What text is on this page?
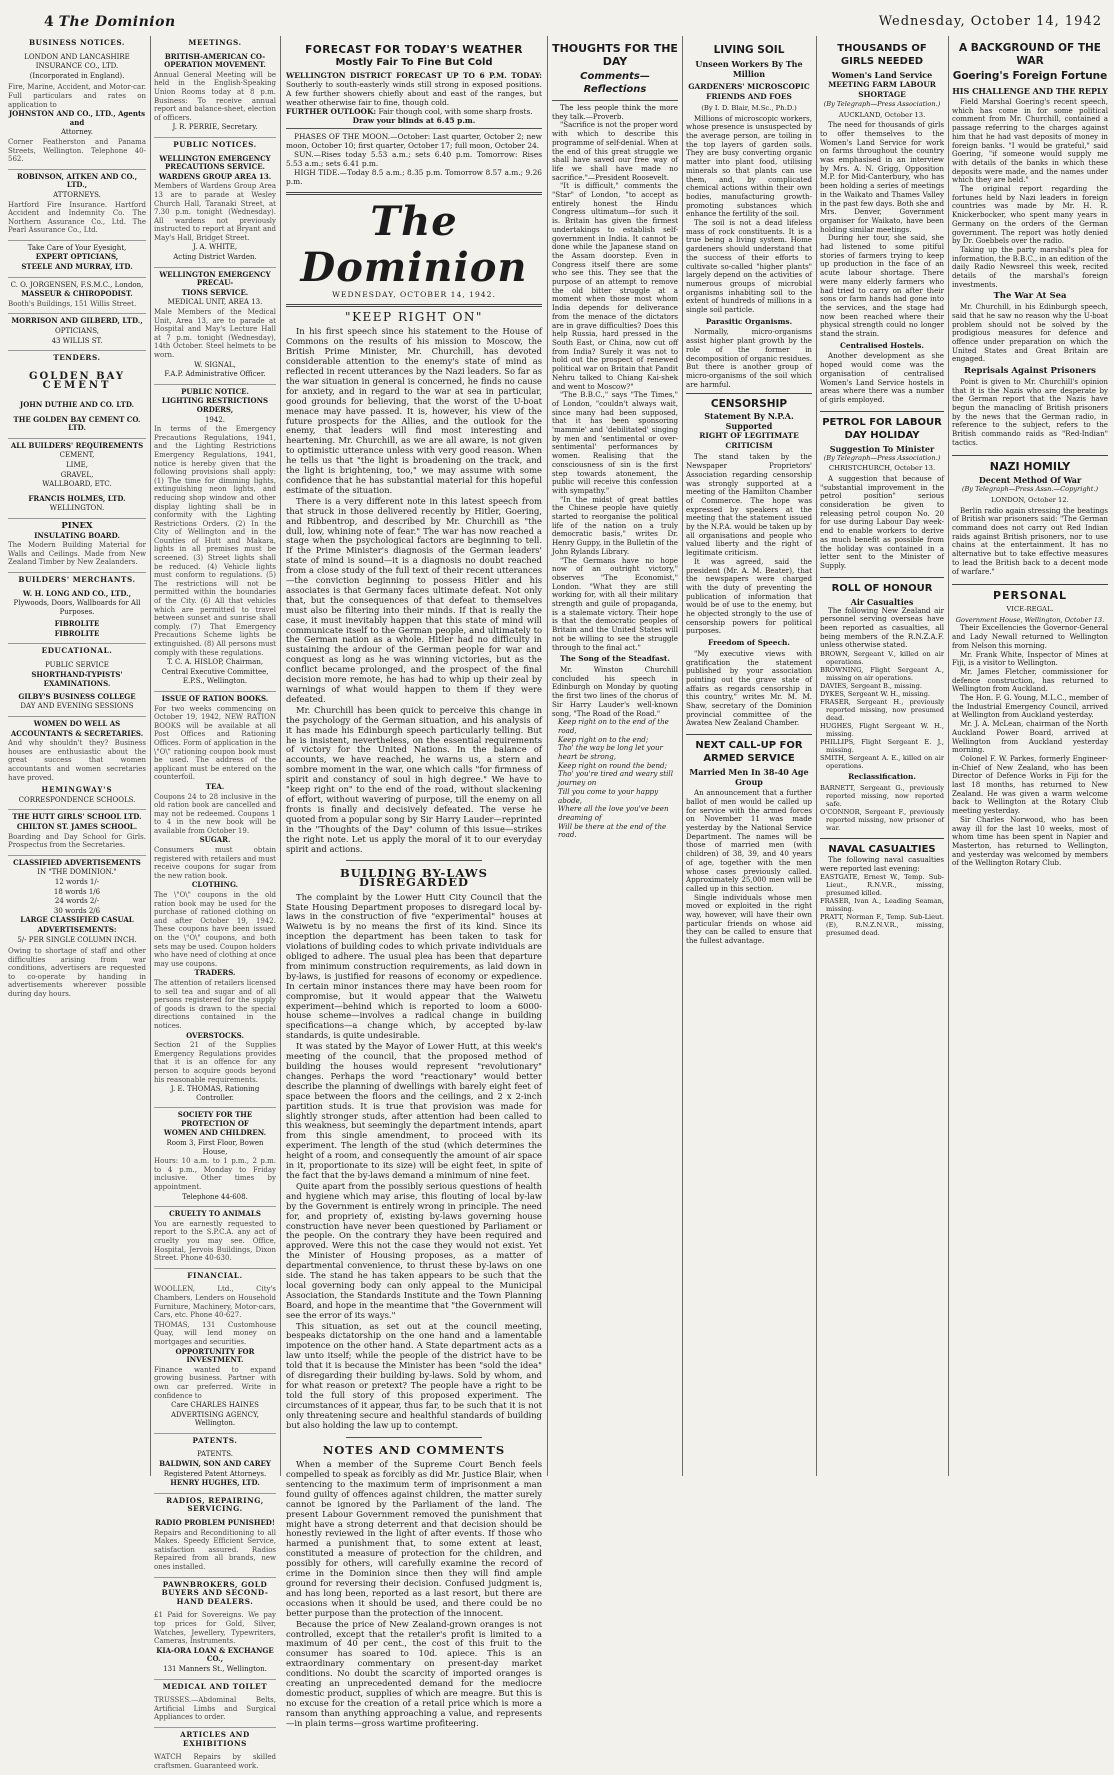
4 The Dominion	Wednesday, October 14, 1942
BUSINESS NOTICES.

LONDON AND LANCASHIRE

INSURANCE CO., LTD.

(Incorporated in England).

Fire, Marine, Accident, and Motor-car. Full particulars and rates on application to

JOHNSTON AND CO., LTD., Agents and

Attorney.

Corner Featherston and Panama Streets, Wellington. Telephone 40-562.

ROBINSON, AITKEN AND CO., LTD.,

ATTORNEYS.

Hartford Fire Insurance. Hartford Accident and Indemnity Co. The Northern Assurance Co., Ltd. The Pearl Assurance Co., Ltd.

Take Care of Your Eyesight,

EXPERT OPTICIANS,

STEELE AND MURRAY, LTD.

C. O. JORGENSEN, F.S.M.C., London,

MASSEUR & CHIROPODIST.

Booth's Buildings, 151 Willis Street.

MORRISON AND GILBERD, LTD.,

OPTICIANS,

43 WILLIS ST.

TENDERS.

GOLDEN BAY

CEMENT

JOHN DUTHIE AND CO. LTD.

THE GOLDEN BAY CEMENT CO. LTD.

ALL BUILDERS' REQUIREMENTS

CEMENT,

LIME,

GRAVEL,

WALLBOARD, ETC.

FRANCIS HOLMES, LTD.

WELLINGTON.

PINEX

INSULATING BOARD.

The Modern Building Material for Walls and Ceilings. Made from New Zealand Timber by New Zealanders.

BUILDERS' MERCHANTS.

W. H. LONG AND CO., LTD.,

Plywoods, Doors, Wallboards for All Purposes.

FIBROLITE

FIBROLITE

EDUCATIONAL.

PUBLIC SERVICE

SHORTHAND-TYPISTS'

EXAMINATIONS.

GILBY'S BUSINESS COLLEGE

DAY AND EVENING SESSIONS

WOMEN DO WELL AS

ACCOUNTANTS & SECRETARIES.

And why shouldn't they? Business houses are enthusiastic about the great success that women accountants and women secretaries have proved.

HEMINGWAY'S

CORRESPONDENCE SCHOOLS.

THE HUTT GIRLS' SCHOOL LTD.

CHILTON ST. JAMES SCHOOL.

Boarding and Day School for Girls. Prospectus from the Secretaries.

CLASSIFIED ADVERTISEMENTS

IN "THE DOMINION."

12 words 1/-

18 words 1/6

24 words 2/-

30 words 2/6

LARGE CLASSIFIED CASUAL

ADVERTISEMENTS:

5/- PER SINGLE COLUMN INCH.

Owing to shortage of staff and other difficulties arising from war conditions, advertisers are requested to co-operate by handing in advertisements wherever possible during day hours.

MEETINGS.

BRITISH-AMERICAN CO-OPERATION MOVEMENT.

Annual General Meeting will be held in the English-Speaking Union Rooms today at 8 p.m. Business: To receive annual report and balance-sheet, election of officers.

J. R. PERRIE, Secretary.

PUBLIC NOTICES.

WELLINGTON EMERGENCY PRECAUTIONS SERVICE.

WARDENS GROUP AREA 13.

Members of Wardens Group Area 13 are to parade at Wesley Church Hall, Taranaki Street, at 7.30 p.m. tonight (Wednesday). All wardens not previously instructed to report at Bryant and May's Hall, Bridget Street.

J. A. WHITE,

Acting District Warden.

WELLINGTON EMERGENCY PRECAU-

TIONS SERVICE.

MEDICAL UNIT, AREA 13.

Male Members of the Medical Unit, Area 13, are to parade at Hospital and May's Lecture Hall at 7 p.m. tonight (Wednesday), 14th October. Steel helmets to be worn.

W. SIGNAL,

F.A.P. Administrative Officer.

PUBLIC NOTICE.

LIGHTING RESTRICTIONS ORDERS,

1942.

In terms of the Emergency Precautions Regulations, 1941, and the Lighting Restrictions Emergency Regulations, 1941, notice is hereby given that the following provisions shall apply: (1) The time for dimming lights, extinguishing neon lights, and reducing shop window and other display lighting shall be in conformity with the Lighting Restrictions Orders. (2) In the City of Wellington and in the Counties of Hutt and Makara, lights in all premises must be screened. (3) Street lights shall be reduced. (4) Vehicle lights must conform to regulations. (5) The restrictions will not be permitted within the boundaries of the City. (6) All that vehicles which are permitted to travel between sunset and sunrise shall comply. (7) That Emergency Precautions Scheme lights be extinguished. (8) All persons must comply with these regulations.

T. C. A. HISLOP, Chairman,

Central Executive Committee,

E.P.S., Wellington.

ISSUE OF RATION BOOKS.

For two weeks commencing on October 19, 1942, NEW RATION BOOKS will be available at all Post Offices and Rationing Offices. Form of application in the \"O\" rationing coupon book must be used. The address of the applicant must be entered on the counterfoil.

TEA.

Coupons 24 to 28 inclusive in the old ration book are cancelled and may not be redeemed. Coupons 1 to 4 in the new book will be available from October 19.

SUGAR.

Consumers must obtain registered with retailers and must receive coupons for sugar from the new ration book.

CLOTHING.

The \"O\" coupons in the old ration book may be used for the purchase of rationed clothing on and after October 19, 1942. These coupons have been issued on the \"O\" coupons, and both sets may be used. Coupon holders who have need of clothing at once may use coupons.

TRADERS.

The attention of retailers licensed to sell tea and sugar and of all persons registered for the supply of goods is drawn to the special directions contained in the notices.

OVERSTOCKS.

Section 21 of the Supplies Emergency Regulations provides that it is an offence for any person to acquire goods beyond his reasonable requirements.

J. E. THOMAS, Rationing Controller.

SOCIETY FOR THE PROTECTION OF

WOMEN AND CHILDREN.

Room 3, First Floor, Bowen House,

Hours: 10 a.m. to 1 p.m., 2 p.m. to 4 p.m., Monday to Friday inclusive. Other times by appointment.

Telephone 44-608.

CRUELTY TO ANIMALS

You are earnestly requested to report to the S.P.C.A. any act of cruelty you may see. Office, Hospital, Jervois Buildings, Dixon Street. Phone 40-630.

FINANCIAL.

WOOLLEN, Ltd., City's Chambers, Lenders on Household Furniture, Machinery, Motor-cars, Cars, etc. Phone 40-627.

THOMAS, 131 Customhouse Quay, will lend money on mortgages and securities.

OPPORTUNITY FOR INVESTMENT.

Finance wanted to expand growing business. Partner with own car preferred. Write in confidence to

Care CHARLES HAINES

ADVERTISING AGENCY, Wellington.

PATENTS.

PATENTS.

BALDWIN, SON AND CAREY

Registered Patent Attorneys.

HENRY HUGHES, LTD.

RADIOS, REPAIRING, SERVICING.

RADIO PROBLEM PUNISHED!

Repairs and Reconditioning to all Makes. Speedy Efficient Service, satisfaction assured. Radios Repaired from all brands, new ones installed.

PAWNBROKERS, GOLD BUYERS AND SECOND-HAND DEALERS.

£1 Paid for Sovereigns. We pay top prices for Gold, Silver, Watches, Jewellery, Typewriters, Cameras, Instruments.

KIA-ORA LOAN & EXCHANGE CO.,

131 Manners St., Wellington.

MEDICAL AND TOILET

TRUSSES.—Abdominal Belts, Artificial Limbs and Surgical Appliances to order.

ARTICLES AND EXHIBITIONS

WATCH Repairs by skilled craftsmen. Guaranteed work.

FORECAST FOR TODAY'S WEATHER
Mostly Fair To Fine But Cold

WELLINGTON DISTRICT FORECAST UP TO 6 P.M. TODAY: Southerly to south-easterly winds still strong in exposed positions. A few further showers chiefly about and east of the ranges, but weather otherwise fair to fine, though cold.

FURTHER OUTLOOK: Fair though cool, with some sharp frosts.

Draw your blinds at 6.45 p.m.

PHASES OF THE MOON.—October: Last quarter, October 2; new moon, October 10; first quarter, October 17; full moon, October 24.

SUN.—Rises today 5.53 a.m.; sets 6.40 p.m. Tomorrow: Rises 5.53 a.m.; sets 6.41 p.m.

HIGH TIDE.—Today 8.5 a.m.; 8.35 p.m. Tomorrow 8.57 a.m.; 9.26 p.m.

The Dominion
WEDNESDAY, OCTOBER 14, 1942.
"KEEP RIGHT ON"

In his first speech since his statement to the House of Commons on the results of his mission to Moscow, the British Prime Minister, Mr. Churchill, has devoted considerable attention to the enemy's state of mind as reflected in recent utterances by the Nazi leaders. So far as the war situation in general is concerned, he finds no cause for anxiety, and in regard to the war at sea in particular, good grounds for believing, that the worst of the U-boat menace may have passed. It is, however, his view of the future prospects for the Allies, and the outlook for the enemy, that leaders will find most interesting and heartening. Mr. Churchill, as we are all aware, is not given to optimistic utterance unless with very good reason. When he tells us that "the light is broadening on the track, and the light is brightening, too," we may assume with some confidence that he has substantial material for this hopeful estimate of the situation.

There is a very different note in this latest speech from that struck in those delivered recently by Hitler, Goering, and Ribbentrop, and described by Mr. Churchill as "the dull, low, whining note of fear." The war has now reached a stage when the psychological factors are beginning to tell. If the Prime Minister's diagnosis of the German leaders' state of mind is sound—it is a diagnosis no doubt reached from a close study of the full text of their recent utterances—the conviction beginning to possess Hitler and his associates is that Germany faces ultimate defeat. Not only that, but the consequences of that defeat to themselves must also be filtering into their minds. If that is really the case, it must inevitably happen that this state of mind will communicate itself to the German people, and ultimately to the German nation as a whole. Hitler had no difficulty in sustaining the ardour of the German people for war and conquest as long as he was winning victories, but as the conflict became prolonged, and the prospect of the final decision more remote, he has had to whip up their zeal by warnings of what would happen to them if they were defeated.

Mr. Churchill has been quick to perceive this change in the psychology of the German situation, and his analysis of it has made his Edinburgh speech particularly telling. But he is insistent, nevertheless, on the essential requirements of victory for the United Nations. In the balance of accounts, we have reached, he warns us, a stern and sombre moment in the war, one which calls "for firmness of spirit and constancy of soul in high degree." We have to "keep right on" to the end of the road, without slackening of effort, without wavering of purpose, till the enemy on all fronts is finally and decisively defeated. The verse he quoted from a popular song by Sir Harry Lauder—reprinted in the "Thoughts of the Day" column of this issue—strikes the right note. Let us apply the moral of it to our everyday spirit and actions.

BUILDING BY-LAWS DISREGARDED

The complaint by the Lower Hutt City Council that the State Housing Department proposes to disregard local by-laws in the construction of five "experimental" houses at Waiwetu is by no means the first of its kind. Since its inception the department has been taken to task for violations of building codes to which private individuals are obliged to adhere. The usual plea has been that departure from minimum construction requirements, as laid down in by-laws, is justified for reasons of economy or expedience. In certain minor instances there may have been room for compromise, but it would appear that the Waiwetu experiment—behind which is reported to loom a 6000-house scheme—involves a radical change in building specifications—a change which, by accepted by-law standards, is quite undesirable.

It was stated by the Mayor of Lower Hutt, at this week's meeting of the council, that the proposed method of building the houses would represent "revolutionary" changes. Perhaps the word "reactionary" would better describe the planning of dwellings with barely eight feet of space between the floors and the ceilings, and 2 x 2-inch partition studs. It is true that provision was made for slightly stronger studs, after attention had been called to this weakness, but seemingly the department intends, apart from this single amendment, to proceed with its experiment. The length of the stud (which determines the height of a room, and consequently the amount of air space in it, proportionate to its size) will be eight feet, in spite of the fact that the by-laws demand a minimum of nine feet.

Quite apart from the possibly serious questions of health and hygiene which may arise, this flouting of local by-law by the Government is entirely wrong in principle. The need for, and propriety of, existing by-laws governing house construction have never been questioned by Parliament or the people. On the contrary they have been required and approved. Were this not the case they would not exist. Yet the Minister of Housing proposes, as a matter of departmental convenience, to thrust these by-laws on one side. The stand he has taken appears to be such that the local governing body can only appeal to the Municipal Association, the Standards Institute and the Town Planning Board, and hope in the meantime that "the Government will see the error of its ways."

This situation, as set out at the council meeting, bespeaks dictatorship on the one hand and a lamentable impotence on the other hand. A State department acts as a law unto itself; while the people of the district have to be told that it is because the Minister has been "sold the idea" of disregarding their building by-laws. Sold by whom, and for what reason or pretext? The people have a right to be told the full story of this proposed experiment. The circumstances of it appear, thus far, to be such that it is not only threatening secure and healthful standards of building but also holding the law up to contempt.

NOTES AND COMMENTS

When a member of the Supreme Court Bench feels compelled to speak as forcibly as did Mr. Justice Blair, when sentencing to the maximum term of imprisonment a man found guilty of offences against children, the matter surely cannot be ignored by the Parliament of the land. The present Labour Government removed the punishment that might have a strong deterrent and that decision should be honestly reviewed in the light of after events. If those who harmed a punishment that, to some extent at least, constituted a measure of protection for the children, and possibly for others, will carefully examine the record of crime in the Dominion since then they will find ample ground for reversing their decision. Confused judgment is, and has long been, reported as a last resort, but there are occasions when it should be used, and there could be no better purpose than the protection of the innocent.

Because the price of New Zealand-grown oranges is not controlled, except that the retailer's profit is limited to a maximum of 40 per cent., the cost of this fruit to the consumer has soared to 10d. apiece. This is an extraordinary commentary on present-day market conditions. No doubt the scarcity of imported oranges is creating an unprecedented demand for the mediocre domestic product, supplies of which are meagre. But this is no excuse for the creation of a retail price which is more a ransom than anything approaching a value, and represents—in plain terms—gross wartime profiteering.

THOUGHTS FOR THE DAY
Comments—Reflections

The less people think the more they talk.—Proverb.

"Sacrifice is not the proper word with which to describe this programme of self-denial. When at the end of this great struggle we shall have saved our free way of life we shall have made no sacrifice."—President Roosevelt.

"It is difficult," comments the "Star" of London, "to accept as entirely honest the Hindu Congress ultimatum—for such it is. Britain has given the firmest undertakings to establish self-government in India. It cannot be done while the Japanese stand on the Assam doorstep. Even in Congress itself there are some who see this. They see that the purpose of an attempt to remove the old bitter struggle at a moment when those most whom India depends for deliverance from the menace of the dictators are in grave difficulties? Does this help Russia, hard pressed in the South East, or China, now cut off from India? Surely it was not to hold out the prospect of renewed political war on Britain that Pandit Nehru talked to Chiang Kai-shek and went to Moscow?"

"The B.B.C.," says "The Times," of London, "couldn't always wait, since many had been supposed, that it has been sponsoring 'mammie' and 'debilitated' singing by men and 'sentimental or over-sentimental' performances by women. Realising that the consciousness of sin is the first step towards atonement, the public will receive this confession with sympathy."

"In the midst of great battles the Chinese people have quietly started to reorganise the political life of the nation on a truly democratic basis," writes Dr. Henry Guppy, in the Bulletin of the John Rylands Library.

"The Germans have no hope now of an outright victory," observes "The Economist," London. "What they are still working for, with all their military strength and guile of propaganda, is a stalemate victory. Their hope is that the democratic peoples of Britain and the United States will not be willing to see the struggle through to the final act."

The Song of the Steadfast.

Mr. Winston Churchill concluded his speech in Edinburgh on Monday by quoting the first two lines of the chorus of Sir Harry Lauder's well-known song, "The Road of the Road."

Keep right on to the end of the road,
Keep right on to the end;
Tho' the way be long let your heart be strong,
Keep right on round the bend;
Tho' you're tired and weary still journey on
Till you come to your happy abode,
Where all the love you've been dreaming of
Will be there at the end of the road.
LIVING SOIL
Unseen Workers By The Million
GARDENERS' MICROSCOPIC FRIENDS AND FOES
(By I. D. Blair, M.Sc., Ph.D.)

Millions of microscopic workers, whose presence is unsuspected by the average person, are toiling in the top layers of garden soils. They are busy converting organic matter into plant food, utilising minerals so that plants can use them, and, by complicated chemical actions within their own bodies, manufacturing growth-promoting substances which enhance the fertility of the soil.

The soil is not a dead lifeless mass of rock constituents. It is a true being a living system. Home gardeners should understand that the success of their efforts to cultivate so-called "higher plants" largely depend on the activities of numerous groups of microbial organisms inhabiting soil to the extent of hundreds of millions in a single soil particle.

Parasitic Organisms.

Normally, micro-organisms assist higher plant growth by the role of the former in decomposition of organic residues. But there is another group of micro-organisms of the soil which are harmful.

CENSORSHIP
Statement By N.P.A.
Supported
RIGHT OF LEGITIMATE CRITICISM

The stand taken by the Newspaper Proprietors' Association regarding censorship was strongly supported at a meeting of the Hamilton Chamber of Commerce. The hope was expressed by speakers at the meeting that the statement issued by the N.P.A. would be taken up by all organisations and people who valued liberty and the right of legitimate criticism.

It was agreed, said the president (Mr. A. M. Beater), that the newspapers were charged with the duty of preventing the publication of information that would be of use to the enemy, but he objected strongly to the use of censorship powers for political purposes.

Freedom of Speech.

"My executive views with gratification the statement published by your association pointing out the grave state of affairs as regards censorship in this country," writes Mr. M. M. Shaw, secretary of the Dominion provincial committee of the Awatea New Zealand Chamber.

NEXT CALL-UP FOR ARMED SERVICE
Married Men In 38-40 Age Group

An announcement that a further ballot of men would be called up for service with the armed forces on November 11 was made yesterday by the National Service Department. The names will be those of married men (with children) of 38, 39, and 40 years of age, together with the men whose cases previously called. Approximately 25,000 men will be called up in this section.

Single individuals whose men moved or exploited in the right way, however, will have their own particular friends on whose aid they can be called to ensure that the fullest advantage.

THOUSANDS OF GIRLS NEEDED
Women's Land Service
MEETING FARM LABOUR SHORTAGE
(By Telegraph—Press Association.)
AUCKLAND, October 13.

The need for thousands of girls to offer themselves to the Women's Land Service for work on farms throughout the country was emphasised in an interview by Mrs. A. N. Grigg, Opposition M.P. for Mid-Canterbury, who has been holding a series of meetings in the Waikato and Thames Valley in the past few days. Both she and Mrs. Denver, Government organiser for Waikato, have been holding similar meetings.

During her tour, she said, she had listened to some pitiful stories of farmers trying to keep up production in the face of an acute labour shortage. There were many elderly farmers who had tried to carry on after their sons or farm hands had gone into the services, and the stage had now been reached where their physical strength could no longer stand the strain.

Centralised Hostels.

Another development as she hoped would come was the organisation of centralised Women's Land Service hostels in areas where there was a number of girls employed.

PETROL FOR LABOUR DAY HOLIDAY
Suggestion To Minister
(By Telegraph—Press Association.)
CHRISTCHURCH, October 13.

A suggestion that because of "substantial improvement in the petrol position" serious consideration be given to releasing petrol coupon No. 20 for use during Labour Day week-end to enable workers to derive as much benefit as possible from the holiday was contained in a letter sent to the Minister of Supply.

ROLL OF HONOUR
Air Casualties

The following New Zealand air personnel serving overseas have been reported as casualties, all being members of the R.N.Z.A.F. unless otherwise stated.

BROWN, Sergeant V., killed on air operations.
BROWNING, Flight Sergeant A., missing on air operations.
DAVIES, Sergeant B., missing.
DYKES, Sergeant W. H., missing.
FRASER, Sergeant H., previously reported missing, now presumed dead.
HUGHES, Flight Sergeant W. H., missing.
PHILLIPS, Flight Sergeant E. J., missing.
SMITH, Sergeant A. E., killed on air operations.

Reclassification.

BARNETT, Sergeant G., previously reported missing, now reported safe.
O'CONNOR, Sergeant F., previously reported missing, now prisoner of war.
NAVAL CASUALTIES

The following naval casualties were reported last evening:

EASTGATE, Ernest W., Temp. Sub-Lieut., R.N.V.R., missing, presumed killed.
FRASER, Ivan A., Leading Seaman, missing.
PRATT, Norman F., Temp. Sub-Lieut. (E), R.N.Z.N.V.R., missing, presumed dead.
A BACKGROUND OF THE WAR
Goering's Foreign Fortune
HIS CHALLENGE AND THE REPLY

Field Marshal Goering's recent speech, which has come in for some political comment from Mr. Churchill, contained a passage referring to the charges against him that he had vast deposits of money in foreign banks. "I would be grateful," said Goering, "if someone would supply me with details of the banks in which these deposits were made, and the names under which they are held."

The original report regarding the fortunes held by Nazi leaders in foreign countries was made by Mr. H. R. Knickerbocker, who spent many years in Germany on the orders of the German government. The report was hotly denied by Dr. Goebbels over the radio.

Taking up the party marshal's plea for information, the B.B.C., in an edition of the daily Radio Newsreel this week, recited details of the marshal's foreign investments.

The War At Sea

Mr. Churchill, in his Edinburgh speech, said that he saw no reason why the U-boat problem should not be solved by the prodigious measures for defence and offence under preparation on which the United States and Great Britain are engaged.

Reprisals Against Prisoners

Point is given to Mr. Churchill's opinion that it is the Nazis who are desperate by the German report that the Nazis have begun the manacling of British prisoners by the news that the German radio, in reference to the subject, refers to the British commando raids as "Red-Indian" tactics.

NAZI HOMILY
Decent Method Of War
(By Telegraph—Press Assn.—Copyright.)
LONDON, October 12.

Berlin radio again stressing the beatings of British war prisoners said: "The German command does not carry out Red Indian raids against British prisoners, nor to use chains at the entertainment. It has no alternative but to take effective measures to lead the British back to a decent mode of warfare."

PERSONAL
VICE-REGAL.
Government House, Wellington, October 13.

Their Excellencies the Governor-General and Lady Newall returned to Wellington from Nelson this morning.

Mr. Frank White, Inspector of Mines at Fiji, is a visitor to Wellington.

Mr. James Fletcher, commissioner for defence construction, has returned to Wellington from Auckland.

The Hon. F. G. Young, M.L.C., member of the Industrial Emergency Council, arrived at Wellington from Auckland yesterday.

Mr. J. A. McLean, chairman of the North Auckland Power Board, arrived at Wellington from Auckland yesterday morning.

Colonel F. W. Parkes, formerly Engineer-in-Chief of New Zealand, who has been Director of Defence Works in Fiji for the last 18 months, has returned to New Zealand. He was given a warm welcome back to Wellington at the Rotary Club meeting yesterday.

Sir Charles Norwood, who has been away ill for the last 10 weeks, most of whom time has been spent in Napier and Masterton, has returned to Wellington, and yesterday was welcomed by members of the Wellington Rotary Club.
